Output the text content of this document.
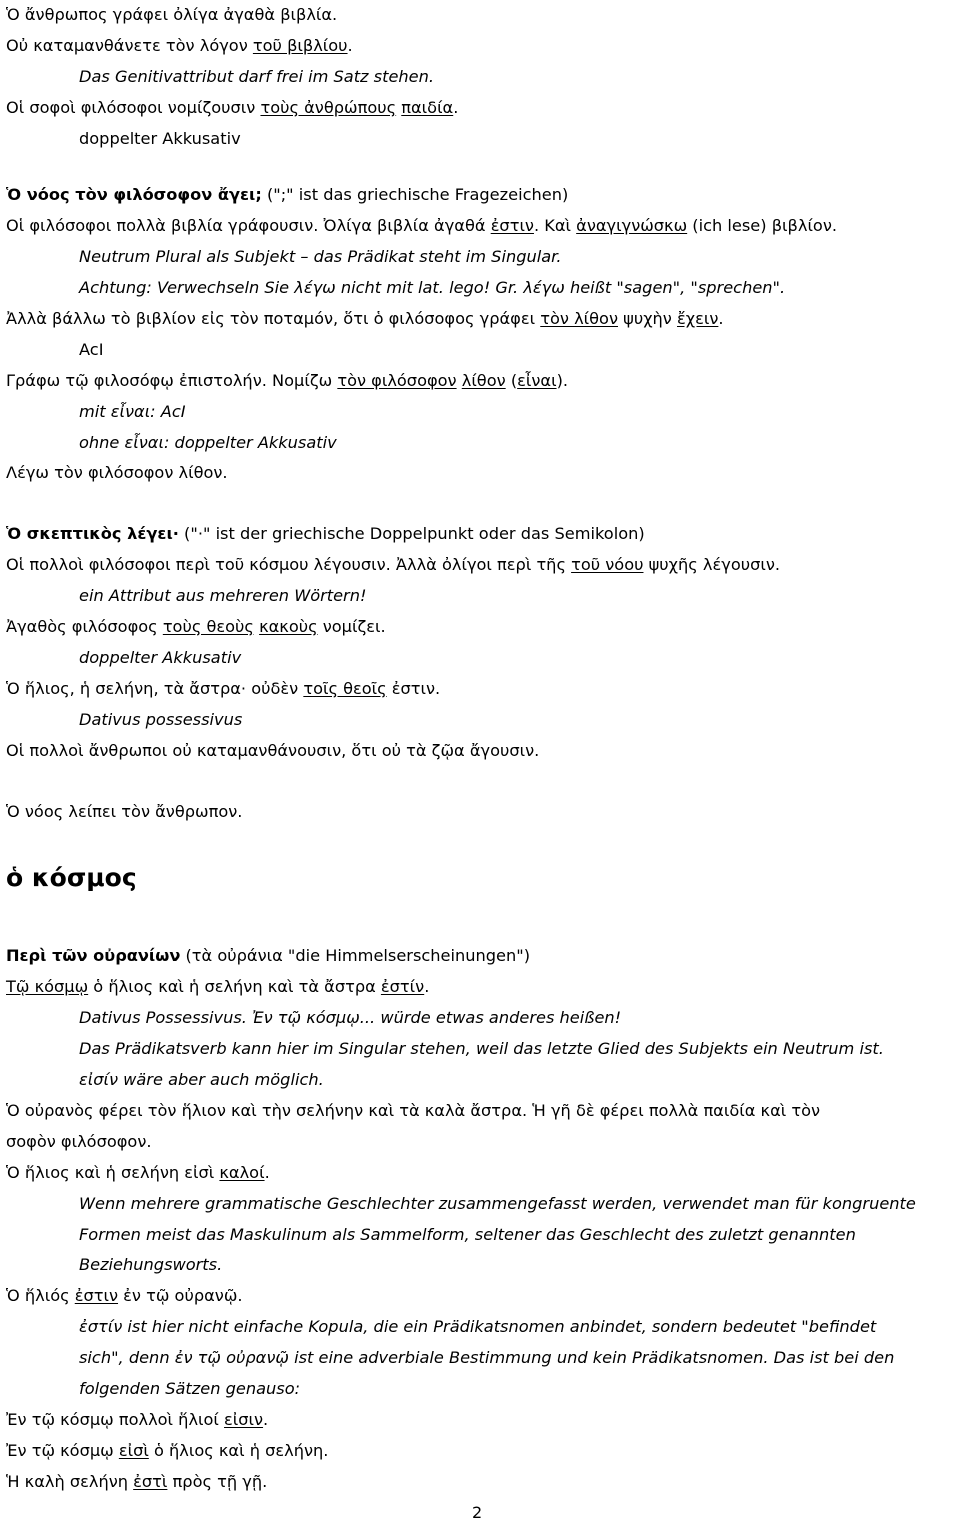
Ὁ ἄνθρωπος γράφει ὀλίγα ἀγαθὰ βιβλία.
Οὐ καταμανθάνετε τὸν λόγον τοῦ βιβλίου.
Das Genitivattribut darf frei im Satz stehen.
Οἱ σοφοὶ φιλόσοφοι νομίζουσιν τοὺς ἀνθρώπους παιδία.
doppelter Akkusativ
Ὁ νόος τὸν φιλόσοφον ἄγει; (";" ist das griechische Fragezeichen)
Οἱ φιλόσοφοι πολλὰ βιβλία γράφουσιν. Ὀλίγα βιβλία ἀγαθά ἐστιν. Καὶ ἀναγιγνώσκω (ich lese) βιβλίον.
Neutrum Plural als Subjekt – das Prädikat steht im Singular.
Achtung: Verwechseln Sie λέγω nicht mit lat. lego! Gr. λέγω heißt "sagen", "sprechen".
Ἀλλὰ βάλλω τὸ βιβλίον εἰς τὸν ποταμόν, ὅτι ὁ φιλόσοφος γράφει τὸν λίθον ψυχὴν ἔχειν.
AcI
Γράφω τῷ φιλοσόφῳ ἐπιστολήν. Νομίζω τὸν φιλόσοφον λίθον (εἶναι).
mit εἶναι: AcI
ohne εἶναι: doppelter Akkusativ
Λέγω τὸν φιλόσοφον λίθον.
Ὁ σκεπτικὸς λέγει· ("·" ist der griechische Doppelpunkt oder das Semikolon)
Οἱ πολλοὶ φιλόσοφοι περὶ τοῦ κόσμου λέγουσιν. Ἀλλὰ ὀλίγοι περὶ τῆς τοῦ νόου ψυχῆς λέγουσιν.
ein Attribut aus mehreren Wörtern!
Ἀγαθὸς φιλόσοφος τοὺς θεοὺς κακοὺς νομίζει.
doppelter Akkusativ
Ὁ ἥλιος, ἡ σελήνη, τὰ ἄστρα· οὐδὲν τοῖς θεοῖς ἐστιν.
Dativus possessivus
Οἱ πολλοὶ ἄνθρωποι οὐ καταμανθάνουσιν, ὅτι οὐ τὰ ζῷα ἄγουσιν.
Ὁ νόος λείπει τὸν ἄνθρωπον.
ὁ κόσμος
Περὶ τῶν οὐρανίων (τὰ οὐράνια "die Himmelserscheinungen")
Τῷ κόσμῳ ὁ ἥλιος καὶ ἡ σελήνη καὶ τὰ ἄστρα ἐστίν.
Dativus Possessivus. Ἐν τῷ κόσμῳ... würde etwas anderes heißen!
Das Prädikatsverb kann hier im Singular stehen, weil das letzte Glied des Subjekts ein Neutrum ist.
εἰσίν wäre aber auch möglich.
Ὁ οὐρανὸς φέρει τὸν ἥλιον καὶ τὴν σελήνην καὶ τὰ καλὰ ἄστρα. Ἡ γῆ δὲ φέρει πολλὰ παιδία καὶ τὸν
σοφὸν φιλόσοφον.
Ὁ ἥλιος καὶ ἡ σελήνη εἰσὶ καλοί.
Wenn mehrere grammatische Geschlechter zusammengefasst werden, verwendet man für kongruente
Formen meist das Maskulinum als Sammelform, seltener das Geschlecht des zuletzt genannten
Beziehungsworts.
Ὁ ἥλιός ἐστιν ἐν τῷ οὐρανῷ.
ἐστίν ist hier nicht einfache Kopula, die ein Prädikatsnomen anbindet, sondern bedeutet "befindet
sich", denn ἐν τῷ οὐρανῷ ist eine adverbiale Bestimmung und kein Prädikatsnomen. Das ist bei den
folgenden Sätzen genauso:
Ἐν τῷ κόσμῳ πολλοὶ ἥλιοί εἰσιν.
Ἐν τῷ κόσμῳ εἰσὶ ὁ ἥλιος καὶ ἡ σελήνη.
Ἡ καλὴ σελήνη ἐστὶ πρὸς τῇ γῇ.
2
